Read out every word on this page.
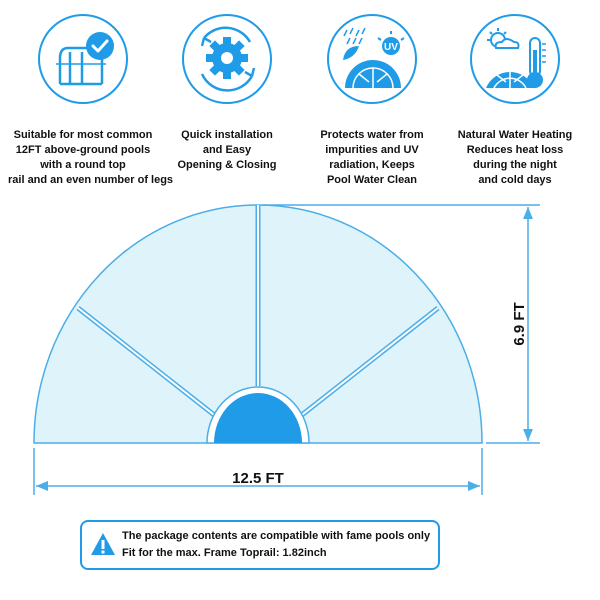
Suitable for most common
12FT above-ground pools
with a round top
rail and an even number of legs
Quick installation
and Easy
Opening & Closing
UV
Protects water from
impurities and UV
radiation, Keeps
Pool Water Clean
Natural Water Heating
Reduces heat loss
during the night
and cold days
12.5 FT
6.9 FT
The package contents are compatible with fame pools only
Fit for the max. Frame Toprail: 1.82inch
